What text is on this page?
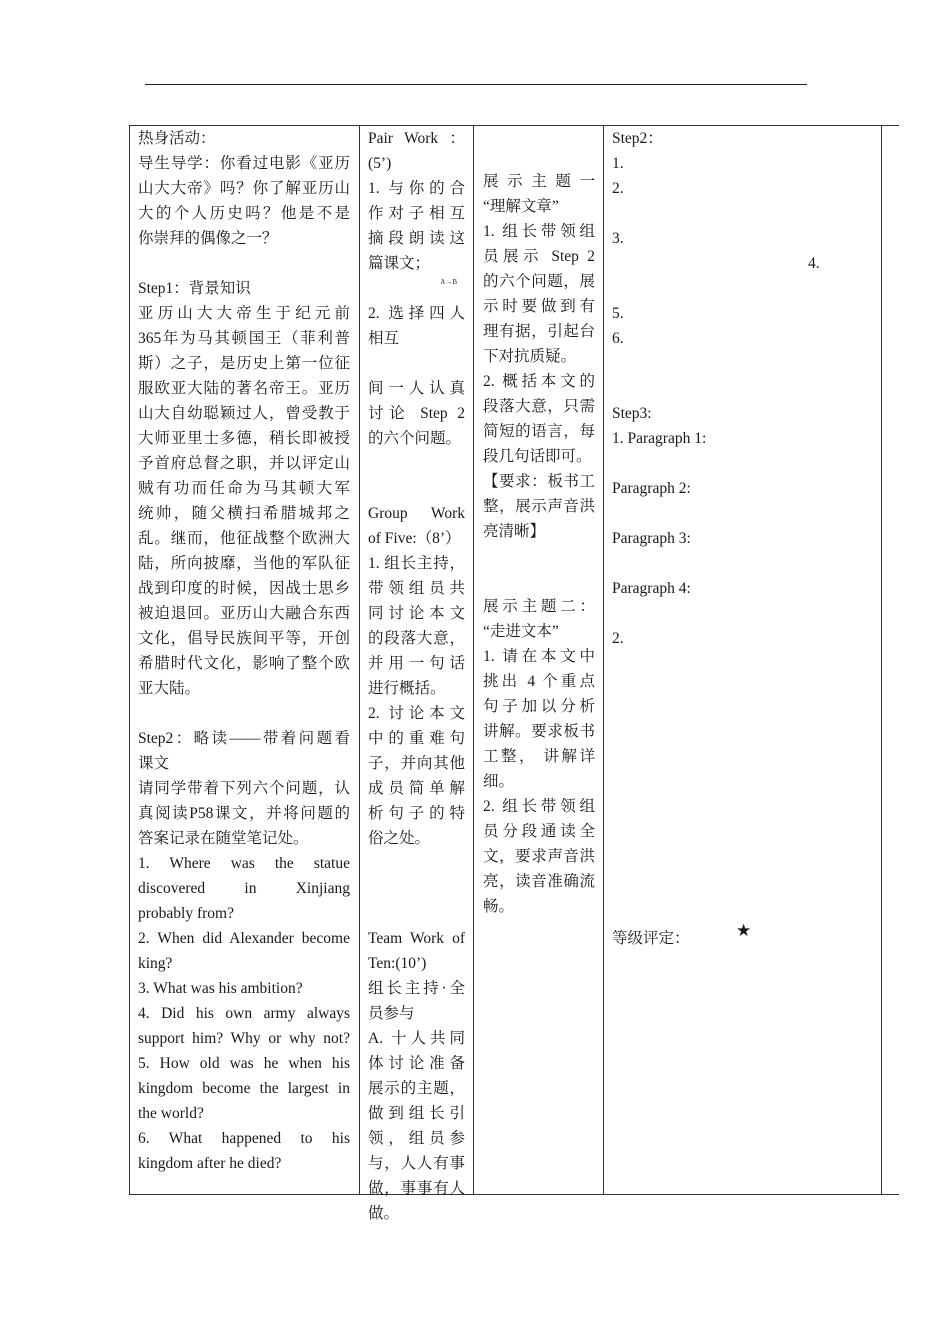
热身活动：

导生导学：你看过电影《亚历

山大大帝》吗？你了解亚历山

大的个人历史吗？他是不是

你崇拜的偶像之一？

Step1：背景知识

亚历山大大帝生于纪元前

365年为马其顿国王（菲利普

斯）之子，是历史上第一位征

服欧亚大陆的著名帝王。亚历

山大自幼聪颖过人，曾受教于

大师亚里士多德，稍长即被授

予首府总督之职，并以评定山

贼有功而任命为马其顿大军

统帅，随父横扫希腊城邦之

乱。继而，他征战整个欧洲大

陆，所向披靡，当他的军队征

战到印度的时候，因战士思乡

被迫退回。亚历山大融合东西

文化，倡导民族间平等，开创

希腊时代文化，影响了整个欧

亚大陆。

Step2：略读——带着问题看

课文

请同学带着下列六个问题，认

真阅读P58课文，并将问题的

答案记录在随堂笔记处。

1. Where was the statue

discovered in Xinjiang

probably from?

2. When did Alexander become

king?

3. What was his ambition?

4. Did his own army always

support him? Why or why not?

5. How old was he when his

kingdom become the largest in

the world?

6. What happened to his

kingdom after he died?

Pair Work ：

(5’)

1. 与你的合

作对子相互

摘段朗读这

篇课文；

A→B

2. 选择四人

相互

间一人认真

讨论 Step 2

的六个问题。

Group Work

of Five:（8’）

1. 组长主持，

带领组员共

同讨论本文

的段落大意，

并用一句话

进行概括。

2. 讨论本文

中的重难句

子，并向其他

成员简单解

析句子的特

俗之处。

Team Work of

Ten:(10’)

组长主持·全

员参与

A. 十人共同

体讨论准备

展示的主题，

做到组长引

领，组员参

与，人人有事

做，事事有人

做。

展示主题一

“理解文章”

1. 组长带领组

员展示 Step 2

的六个问题，展

示时要做到有

理有据，引起台

下对抗质疑。

2. 概括本文的

段落大意，只需

简短的语言，每

段几句话即可。

【要求：板书工

整，展示声音洪

亮清晰】

展示主题二：

“走进文本”

1. 请在本文中

挑出 4 个重点

句子加以分析

讲解。要求板书

工整， 讲解详

细。

2. 组长带领组

员分段通读全

文，要求声音洪

亮，读音准确流

畅。

Step2：

1.

2.

3.

4.

5.

6.

Step3:

1. Paragraph 1:

Paragraph 2:

Paragraph 3:

Paragraph 4:

2.

等级评定：	★
